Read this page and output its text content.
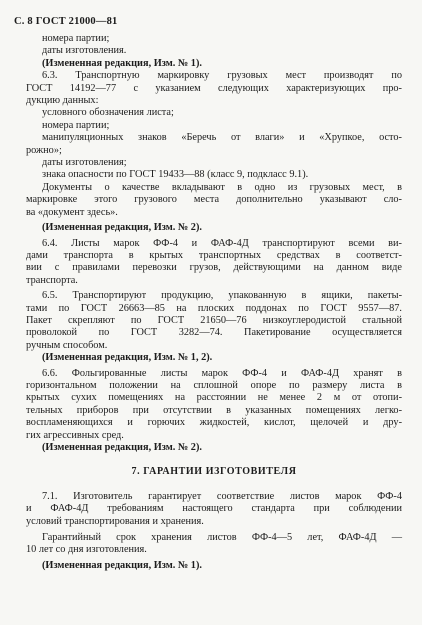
С. 8 ГОСТ 21000—81
номера партии;
даты изготовления.
(Измененная редакция, Изм. № 1).
6.3. Транспортную маркировку грузовых мест производят по
ГОСТ 14192—77 с указанием следующих характеризующих про-
дукцию данных:
условного обозначения листа;
номера партии;
манипуляционных знаков «Беречь от влаги» и «Хрупкое, осто-
рожно»;
даты изготовления;
знака опасности по ГОСТ 19433—88 (класс 9, подкласс 9.1).
Документы о качестве вкладывают в одно из грузовых мест, в
маркировке этого грузового места дополнительно указывают сло-
ва «документ здесь».
(Измененная редакция, Изм. № 2).
6.4. Листы марок ФФ-4 и ФАФ-4Д транспортируют всеми ви-
дами транспорта в крытых транспортных средствах в соответст-
вии с правилами перевозки грузов, действующими на данном виде
транспорта.
6.5. Транспортируют продукцию, упакованную в ящики, пакеты-
тами по ГОСТ 26663—85 на плоских поддонах по ГОСТ 9557—87.
Пакет скрепляют по ГОСТ 21650—76 низкоуглеродистой стальной
проволокой по ГОСТ 3282—74. Пакетирование осуществляется
ручным способом.
(Измененная редакция, Изм. № 1, 2).
6.6. Фольгированные листы марок ФФ-4 и ФАФ-4Д хранят в
горизонтальном положении на сплошной опоре по размеру листа в
крытых сухих помещениях на расстоянии не менее 2 м от отопи-
тельных приборов при отсутствии в указанных помещениях легко-
воспламеняющихся и горючих жидкостей, кислот, щелочей и дру-
гих агрессивных сред.
(Измененная редакция, Изм. № 2).
7. ГАРАНТИИ ИЗГОТОВИТЕЛЯ
7.1. Изготовитель гарантирует соответствие листов марок ФФ-4
и ФАФ-4Д требованиям настоящего стандарта при соблюдении
условий транспортирования и хранения.
Гарантийный срок хранения листов ФФ-4—5 лет, ФАФ-4Д —
10 лет со дня изготовления.
(Измененная редакция, Изм. № 1).
